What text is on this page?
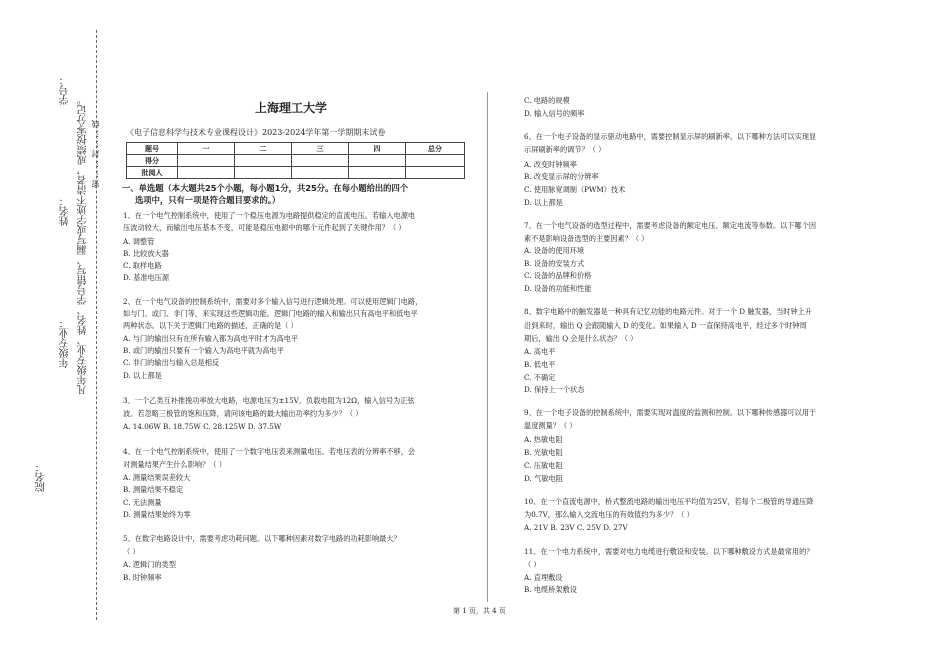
学号：
姓名：
年级专业：
院名：
凡年级专业、姓名、学号错写、漏写或字迹不清者，成绩按零分记。 密……封……线
上海理工大学
《电子信息科学与技术专业课程设计》2023-2024学年第一学期期末试卷
题号	一	二	三	四	总分
得分					
批阅人					
一、单选题（本大题共25个小题，每小题1分，共25分。在每小题给出的四个
选项中，只有一项是符合题目要求的。）
1、在一个电气控制系统中，使用了一个稳压电源为电路提供稳定的直流电压。若输入电源电
压波动较大，而输出电压基本不变，可能是稳压电源中的哪个元件起到了关键作用？（ ）
A. 调整管
B. 比较放大器
C. 取样电路
D. 基准电压源
2、在一个电气设备的控制系统中，需要对多个输入信号进行逻辑处理。可以使用逻辑门电路，
如与门、或门、非门等，来实现这些逻辑功能。逻辑门电路的输入和输出只有高电平和低电平
两种状态。以下关于逻辑门电路的描述，正确的是（ ）
A. 与门的输出只有在所有输入都为高电平时才为高电平
B. 或门的输出只要有一个输入为高电平就为高电平
C. 非门的输出与输入总是相反
D. 以上都是
3、一个乙类互补推挽功率放大电路，电源电压为±15V，负载电阻为12Ω，输入信号为正弦
波。若忽略三极管的饱和压降，请问该电路的最大输出功率约为多少？（ ）
A. 14.06W B. 18.75W C. 28.125W D. 37.5W
4、在一个电气控制系统中，使用了一个数字电压表来测量电压。若电压表的分辨率不够，会
对测量结果产生什么影响？（ ）
A. 测量结果误差较大
B. 测量结果不稳定
C. 无法测量
D. 测量结果始终为零
5、在数字电路设计中，需要考虑功耗问题。以下哪种因素对数字电路的功耗影响最大？
（ ）
A. 逻辑门的类型
B. 时钟频率
C. 电路的规模
D. 输入信号的频率
6、在一个电子设备的显示驱动电路中，需要控制显示屏的刷新率。以下哪种方法可以实现显
示屏刷新率的调节？（ ）
A. 改变时钟频率
B. 改变显示屏的分辨率
C. 使用脉宽调制（PWM）技术
D. 以上都是
7、在一个电气设备的选型过程中，需要考虑设备的额定电压、额定电流等参数。以下哪个因
素不是影响设备选型的主要因素？（ ）
A. 设备的使用环境
B. 设备的安装方式
C. 设备的品牌和价格
D. 设备的功能和性能
8、数字电路中的触发器是一种具有记忆功能的电路元件。对于一个 D 触发器，当时钟上升
沿到来时，输出 Q 会跟随输入 D 的变化。如果输入 D 一直保持高电平，经过多个时钟周
期后，输出 Q 会是什么状态？（ ）
A. 高电平
B. 低电平
C. 不确定
D. 保持上一个状态
9、在一个电子设备的控制系统中，需要实现对温度的监测和控制。以下哪种传感器可以用于
温度测量？（ ）
A. 热敏电阻
B. 光敏电阻
C. 压敏电阻
D. 气敏电阻
10、在一个直流电源中，桥式整流电路的输出电压平均值为25V，若每个二极管的导通压降
为0.7V，那么输入交流电压的有效值约为多少？（ ）
A. 21V B. 23V C. 25V D. 27V
11、在一个电力系统中，需要对电力电缆进行敷设和安装。以下哪种敷设方式是最常用的？
（ ）
A. 直埋敷设
B. 电缆桥架敷设
第 1 页，共 4 页
